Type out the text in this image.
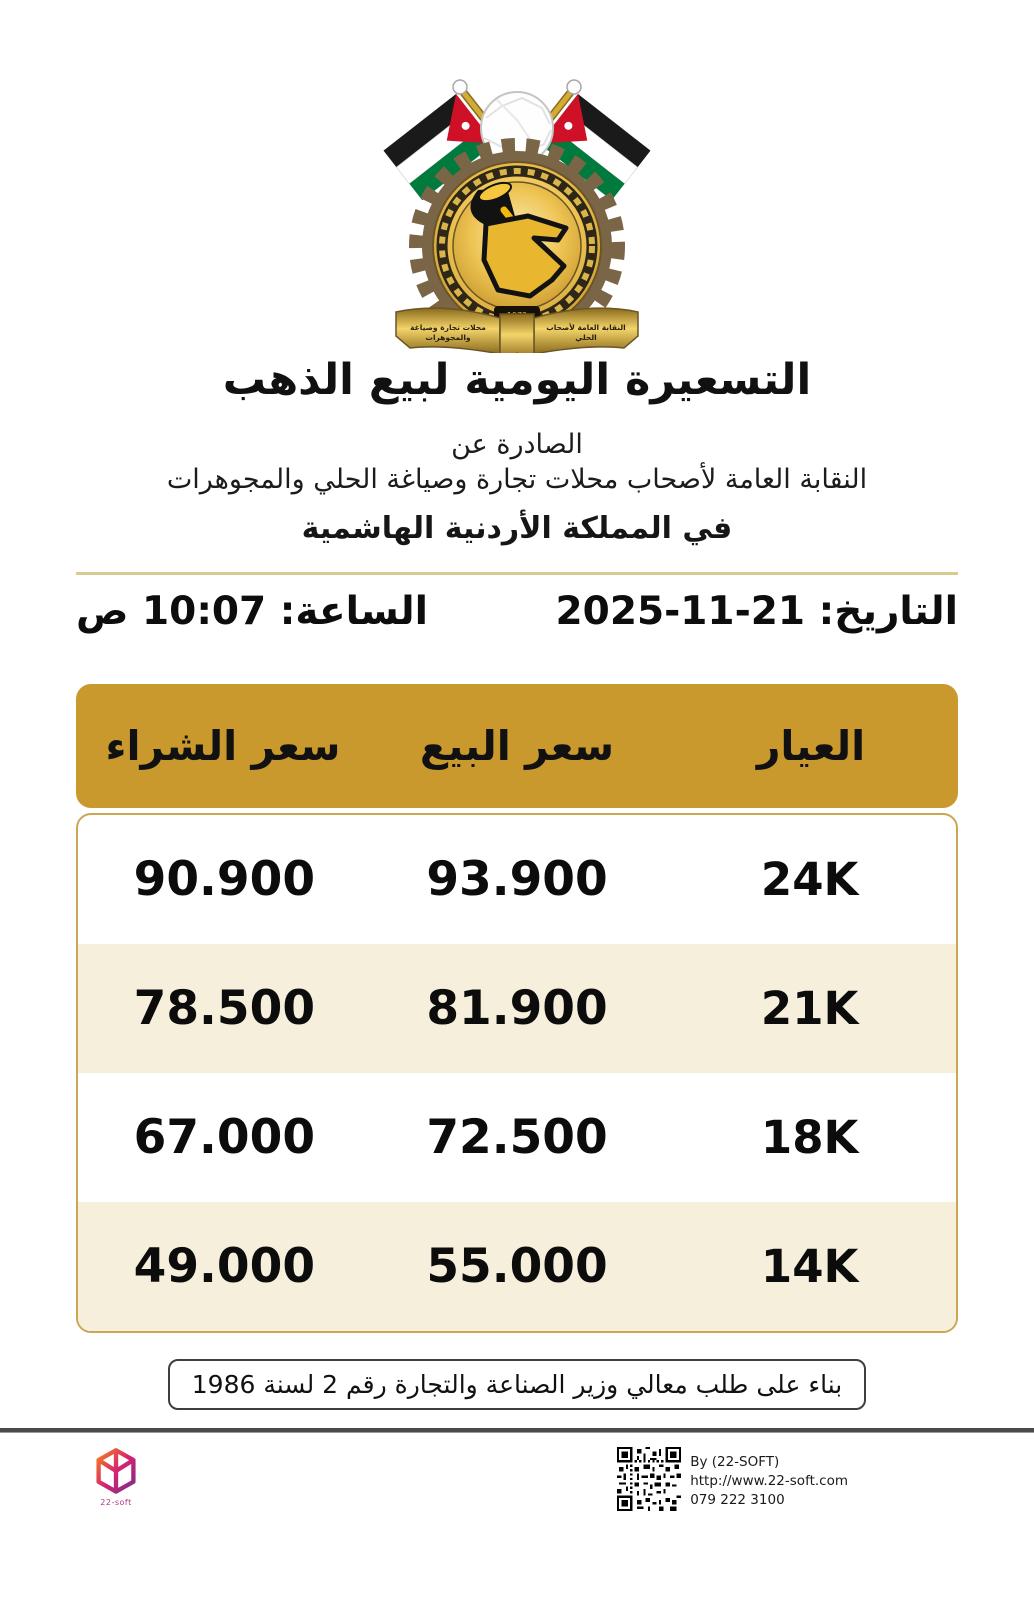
النقابة العامة لأصحاب
الحلي
محلات تجارة وصياغة
والمجوهرات
التسعيرة اليومية لبيع الذهب
الصادرة عن
النقابة العامة لأصحاب محلات تجارة وصياغة الحلي والمجوهرات
في المملكة الأردنية الهاشمية
التاريخ: 21-11-2025
الساعة: 10:07 ص
العيار
سعر البيع
سعر الشراء
24K
93.900
90.900
21K
81.900
78.500
18K
72.500
67.000
14K
55.000
49.000
بناء على طلب معالي وزير الصناعة والتجارة رقم 2 لسنة 1986
22-soft
By (22-SOFT)
http://www.22-soft.com
079 222 3100
